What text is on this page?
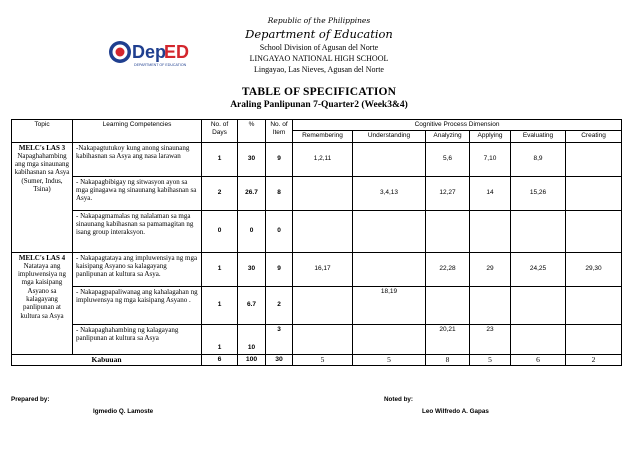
Dep
ED
DEPARTMENT OF EDUCATION
Republic of the Philippines
Department of Education
School Division of Agusan del Norte
LINGAYAO NATIONAL HIGH SCHOOL
Lingayao, Las Nieves, Agusan del Norte
TABLE OF SPECIFICATION
Araling Panlipunan 7-Quarter2 (Week3&4)
Topic	Learning Competencies	No. of Days	%	No. of Item	Cognitive Process Dimension					
					Remembering	Understanding	Analyzing	Applying	Evaluating	Creating

MELC's LAS 3
Napaghahambing ang mga sinaunang kabihasnan sa Asya (Sumer, Indus, Tsina)	-Nakapagtutukoy kung anong sinaunang kabihasnan sa Asya ang nasa larawan	1	30	9	1,2,11		5,6	7,10	8,9	
	- Nakapagbibigay ng sitwasyon ayon sa mga ginagawa ng sinaunang kabihasnan sa Asya.	2	26.7	8		3,4,13	12,27	14	15,26	
	- Nakapagmamalas ng nalalaman sa mga sinaunang kabihasnan sa pamamagitan ng isang group interaksyon.	0	0	0						

MELC's LAS 4
Natataya ang impluwensiya ng mga kaisipang Asyano sa kalagayang panlipunan at kultura sa Asya	- Nakapagtataya ang impluwensiya ng mga kaisipang Asyano sa kalagayang panlipunan at kultura sa Asya.	1	30	9	16,17		22,28	29	24,25	29,30
	- Nakapagpapaliwanag ang kahalagahan ng impluwensya ng mga kaisipang Asyano .	1	6.7	2		18,19				
	- Nakapaghahambing ng kalagayang panlipunan at kultura sa Asya	1	10	3			20,21	23		
Kabuuan		6	100	30	5	5	8	5	6	2
Prepared by:
Igmedio Q. Lamoste
Noted by:
Leo Wilfredo A. Gapas
